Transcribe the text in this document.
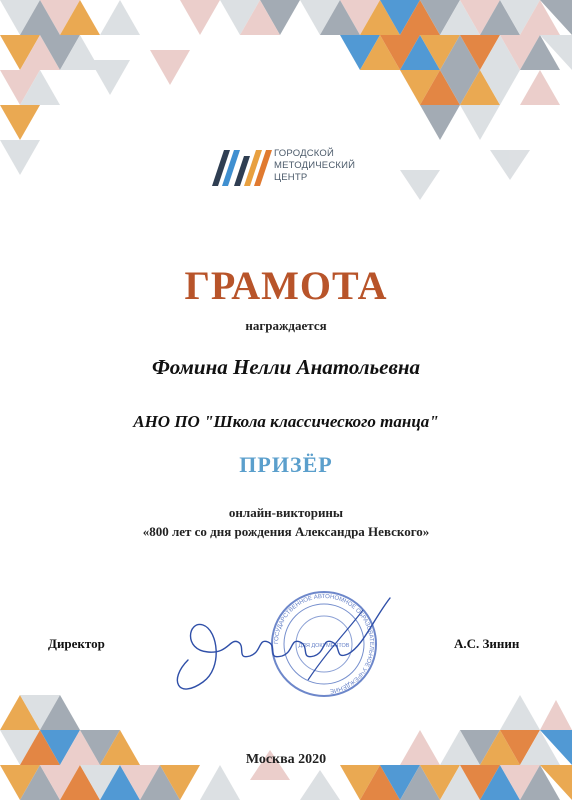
ГОРОДСКОЙ
МЕТОДИЧЕСКИЙ
ЦЕНТР
ГРАМОТА
награждается
Фомина Нелли Анатольевна
АНО ПО "Школа классического танца"
ПРИЗЁР
онлайн-викторины
«800 лет со дня рождения Александра Невского»
Директор	А.С. Зинин
ГОСУДАРСТВЕННОЕ АВТОНОМНОЕ ОБРАЗОВАТЕЛЬНОЕ УЧРЕЖДЕНИЕ
ДЛЯ ДОКУМЕНТОВ
Москва 2020
